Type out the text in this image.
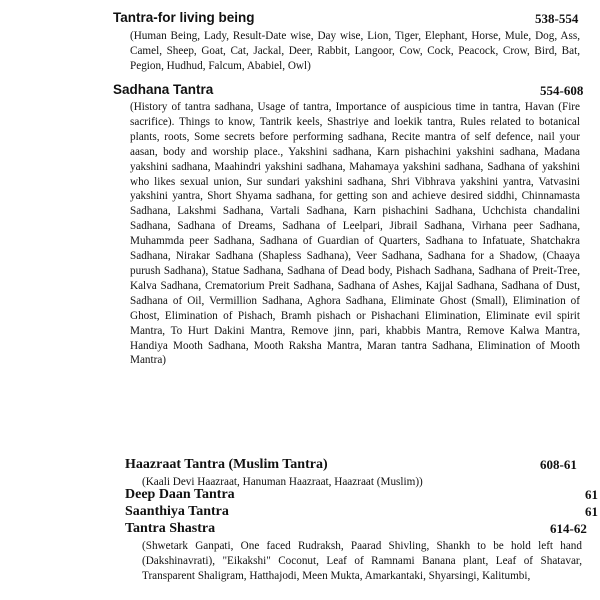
Tantra-for living being	538-554
(Human Being, Lady, Result-Date wise, Day wise, Lion, Tiger, Elephant, Horse, Mule, Dog, Ass, Camel, Sheep, Goat, Cat, Jackal, Deer, Rabbit, Langoor, Cow, Cock, Peacock, Crow, Bird, Bat, Pegion, Hudhud, Falcum, Ababiel, Owl)
Sadhana Tantra	554-608
(History of tantra sadhana, Usage of tantra, Importance of auspicious time in tantra, Havan (Fire sacrifice). Things to know, Tantrik keels, Shastriye and loekik tantra, Rules related to botanical plants, roots, Some secrets before performing sadhana, Recite mantra of self defence, nail your aasan, body and worship place., Yakshini sadhana, Karn pishachini yakshini sadhana, Madana yakshini sadhana, Maahindri yakshini sadhana, Mahamaya yakshini sadhana, Sadhana of yakshini who likes sexual union, Sur sundari yakshini sadhana, Shri Vibhrava yakshini yantra, Vatvasini yakshini yantra, Short Shyama sadhana, for getting son and achieve desired siddhi, Chinnamasta Sadhana, Lakshmi Sadhana, Vartali Sadhana, Karn pishachini Sadhana, Uchchista chandalini Sadhana, Sadhana of Dreams, Sadhana of Leelpari, Jibrail Sadhana, Virhana peer Sadhana, Muhammda peer Sadhana, Sadhana of Guardian of Quarters, Sadhana to Infatuate, Shatchakra Sadhana, Nirakar Sadhana (Shapless Sadhana), Veer Sadhana, Sadhana for a Shadow, (Chaaya purush Sadhana), Statue Sadhana, Sadhana of Dead body, Pishach Sadhana, Sadhana of Preit-Tree, Kalva Sadhana, Crematorium Preit Sadhana, Sadhana of Ashes, Kajjal Sadhana, Sadhana of Dust, Sadhana of Oil, Vermillion Sadhana, Aghora Sadhana, Eliminate Ghost (Small), Elimination of Ghost, Elimination of Pishach, Bramh pishach or Pishachani Elimination, Eliminate evil spirit Mantra, To Hurt Dakini Mantra, Remove jinn, pari, khabbis Mantra, Remove Kalwa Mantra, Handiya Mooth Sadhana, Mooth Raksha Mantra, Maran tantra Sadhana, Elimination of Mooth Mantra)
Haazraat Tantra (Muslim Tantra)	608-61
(Kaali Devi Haazraat, Hanuman Haazraat, Haazraat (Muslim))
Deep Daan Tantra	61
Saanthiya Tantra	61
Tantra Shastra	614-62
(Shwetark Ganpati, One faced Rudraksh, Paarad Shivling, Shankh to be hold left hand (Dakshinavrati), "Eikakshi" Coconut, Leaf of Ramnami Banana plant, Leaf of Shatavar, Transparent Shaligram, Hatthajodi, Meen Mukta, Amarkantaki, Shyarsingi, Kalitumbi,
